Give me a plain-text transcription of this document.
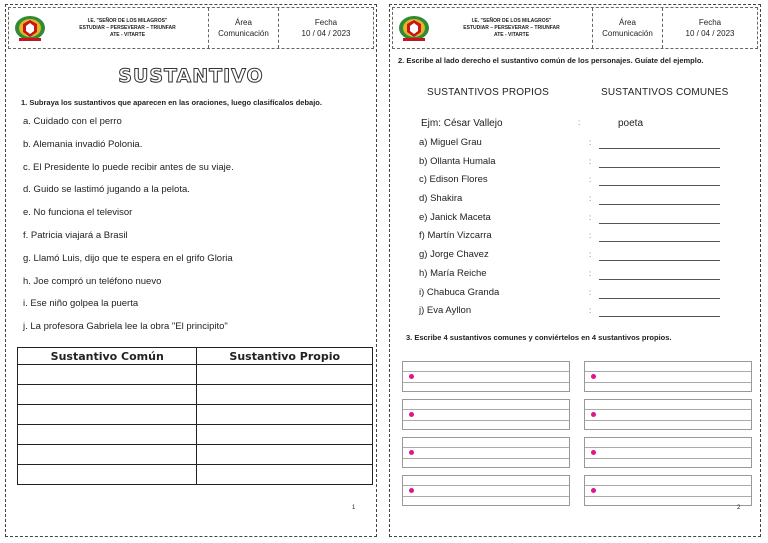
I.E. "SEÑOR DE LOS MILAGROS"
ESTUDIAR – PERSEVERAR – TRIUNFAR
ATE - VITARTE
Área
Comunicación
Fecha
10 / 04 / 2023
SUSTANTIVO
1. Subraya los sustantivos que aparecen en las oraciones, luego clasifícalos debajo.
a. Cuidado con el perro
b. Alemania invadió Polonia.
c. El Presidente lo puede recibir antes de su viaje.
d. Guido se lastimó jugando a la pelota.
e. No funciona el televisor
f. Patricia viajará a Brasil
g. Llamó Luis, dijo que te espera en el grifo Gloria
h. Joe compró un teléfono nuevo
i. Ese niño golpea la puerta
j. La profesora Gabriela lee la obra "El principito"
Sustantivo Común	Sustantivo Propio

1
I.E. "SEÑOR DE LOS MILAGROS"
ESTUDIAR – PERSEVERAR – TRIUNFAR
ATE - VITARTE
Área
Comunicación
Fecha
10 / 04 / 2023
2. Escribe al lado derecho el sustantivo común de los personajes. Guíate del ejemplo.
SUSTANTIVOS PROPIOS	SUSTANTIVOS COMUNES
Ejm: César Vallejo	:	poeta
a) Miguel Grau	:
b) Ollanta Humala	:
c) Edison Flores	:
d) Shakira	:
e) Janick Maceta	:
f) Martín Vizcarra	:
g) Jorge Chavez	:
h) María Reiche	:
i) Chabuca Granda	:
j) Eva Ayllon	:
3. Escribe 4 sustantivos comunes y conviértelos en 4 sustantivos propios.
2
